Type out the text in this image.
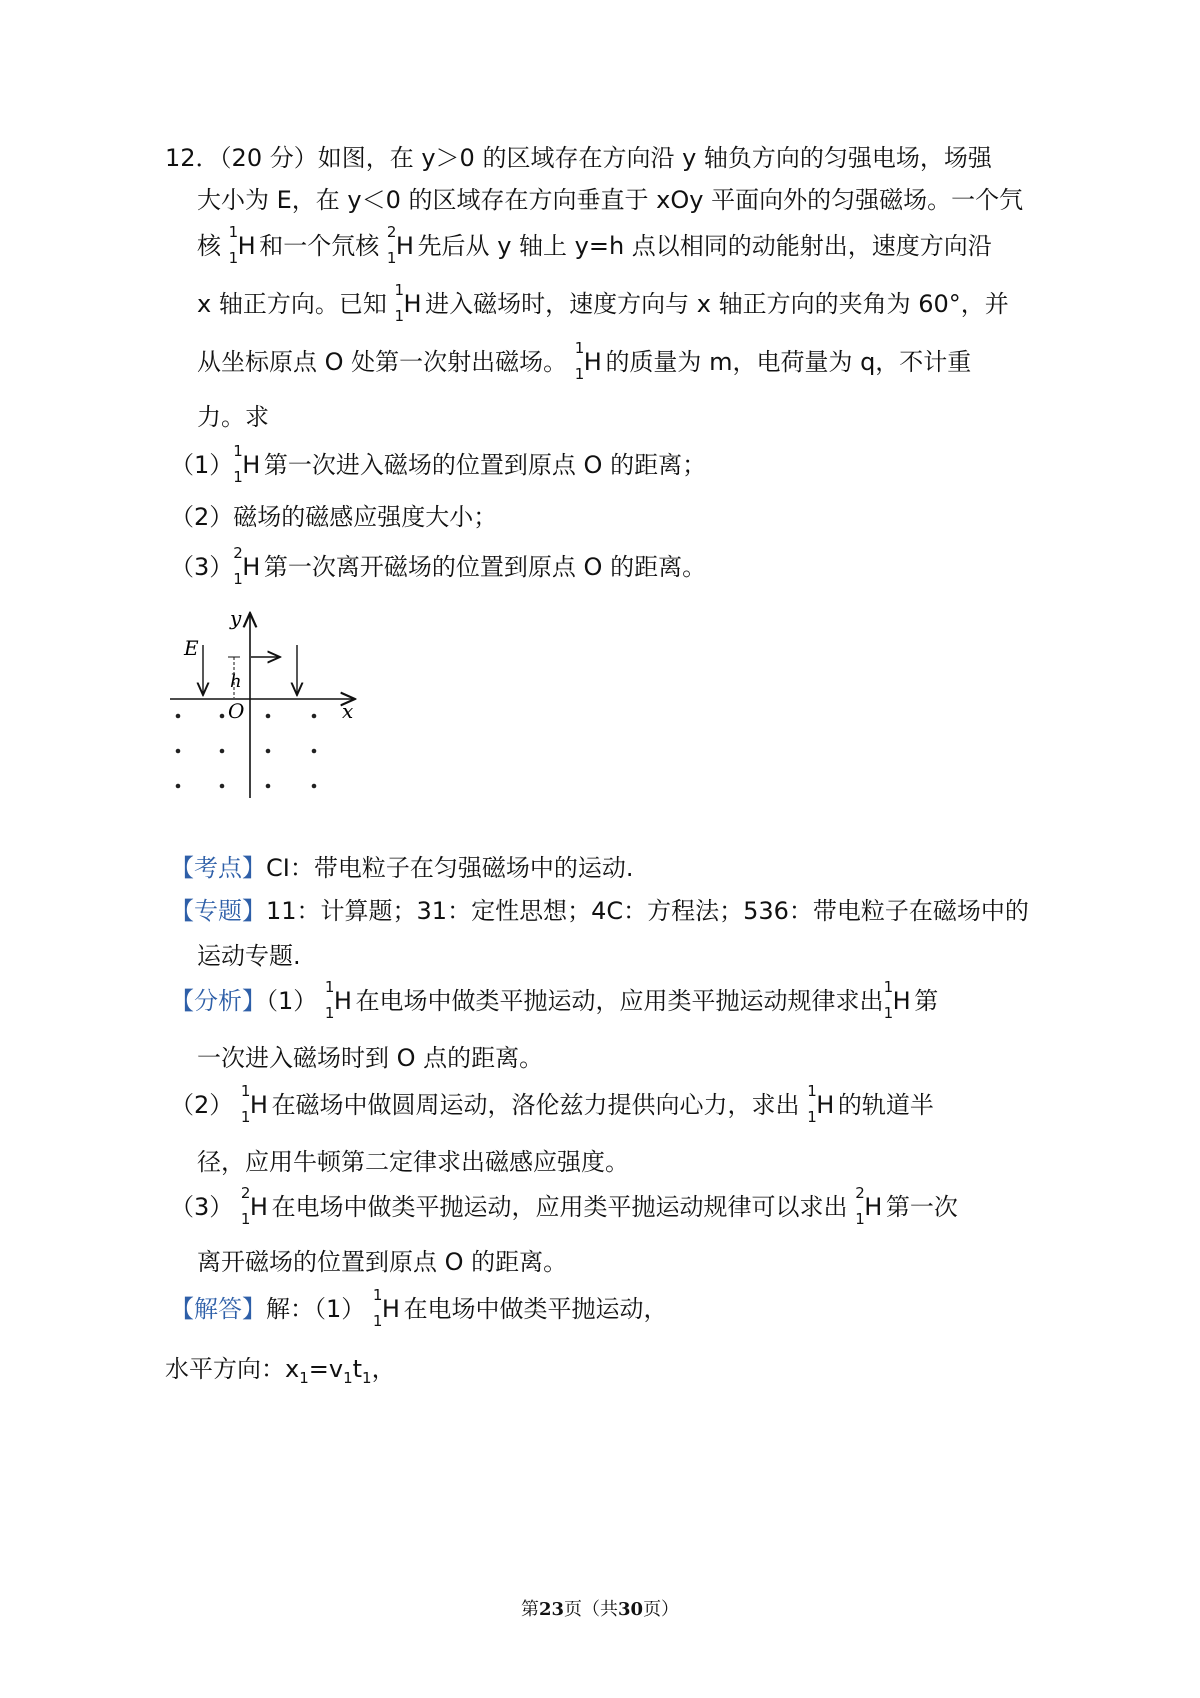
12．（20 分）如图，在 y＞0 的区域存在方向沿 y 轴负方向的匀强电场，场强
大小为 E，在 y＜0 的区域存在方向垂直于 xOy 平面向外的匀强磁场。一个氕
核 1
1 H 和一个氘核 2
1 H 先后从 y 轴上 y=h 点以相同的动能射出，速度方向沿
x 轴正方向。已知 1
1 H 进入磁场时，速度方向与 x 轴正方向的夹角为 60°，并
从坐标原点 O 处第一次射出磁场。 1
1 H 的质量为 m，电荷量为 q，不计重
力。求
（1） 1
1 H 第一次进入磁场的位置到原点 O 的距离；
（2）磁场的磁感应强度大小；
（3） 2
1 H 第一次离开磁场的位置到原点 O 的距离。
y
x
O
E
h
【考点】CI：带电粒子在匀强磁场中的运动.
【专题】11：计算题；31：定性思想；4C：方程法；536：带电粒子在磁场中的
运动专题.
【分析】（1） 1
1 H 在电场中做类平抛运动，应用类平抛运动规律求出 1
1 H 第
一次进入磁场时到 O 点的距离。
（2） 1
1 H 在磁场中做圆周运动，洛伦兹力提供向心力，求出 1
1 H 的轨道半
径，应用牛顿第二定律求出磁感应强度。
（3） 2
1 H 在电场中做类平抛运动，应用类平抛运动规律可以求出 2
1 H 第一次
离开磁场的位置到原点 O 的距离。
【解答】解：（1） 1
1 H 在电场中做类平抛运动，
水平方向：$x_1=v_1t_1$，
第23页（共30页）
